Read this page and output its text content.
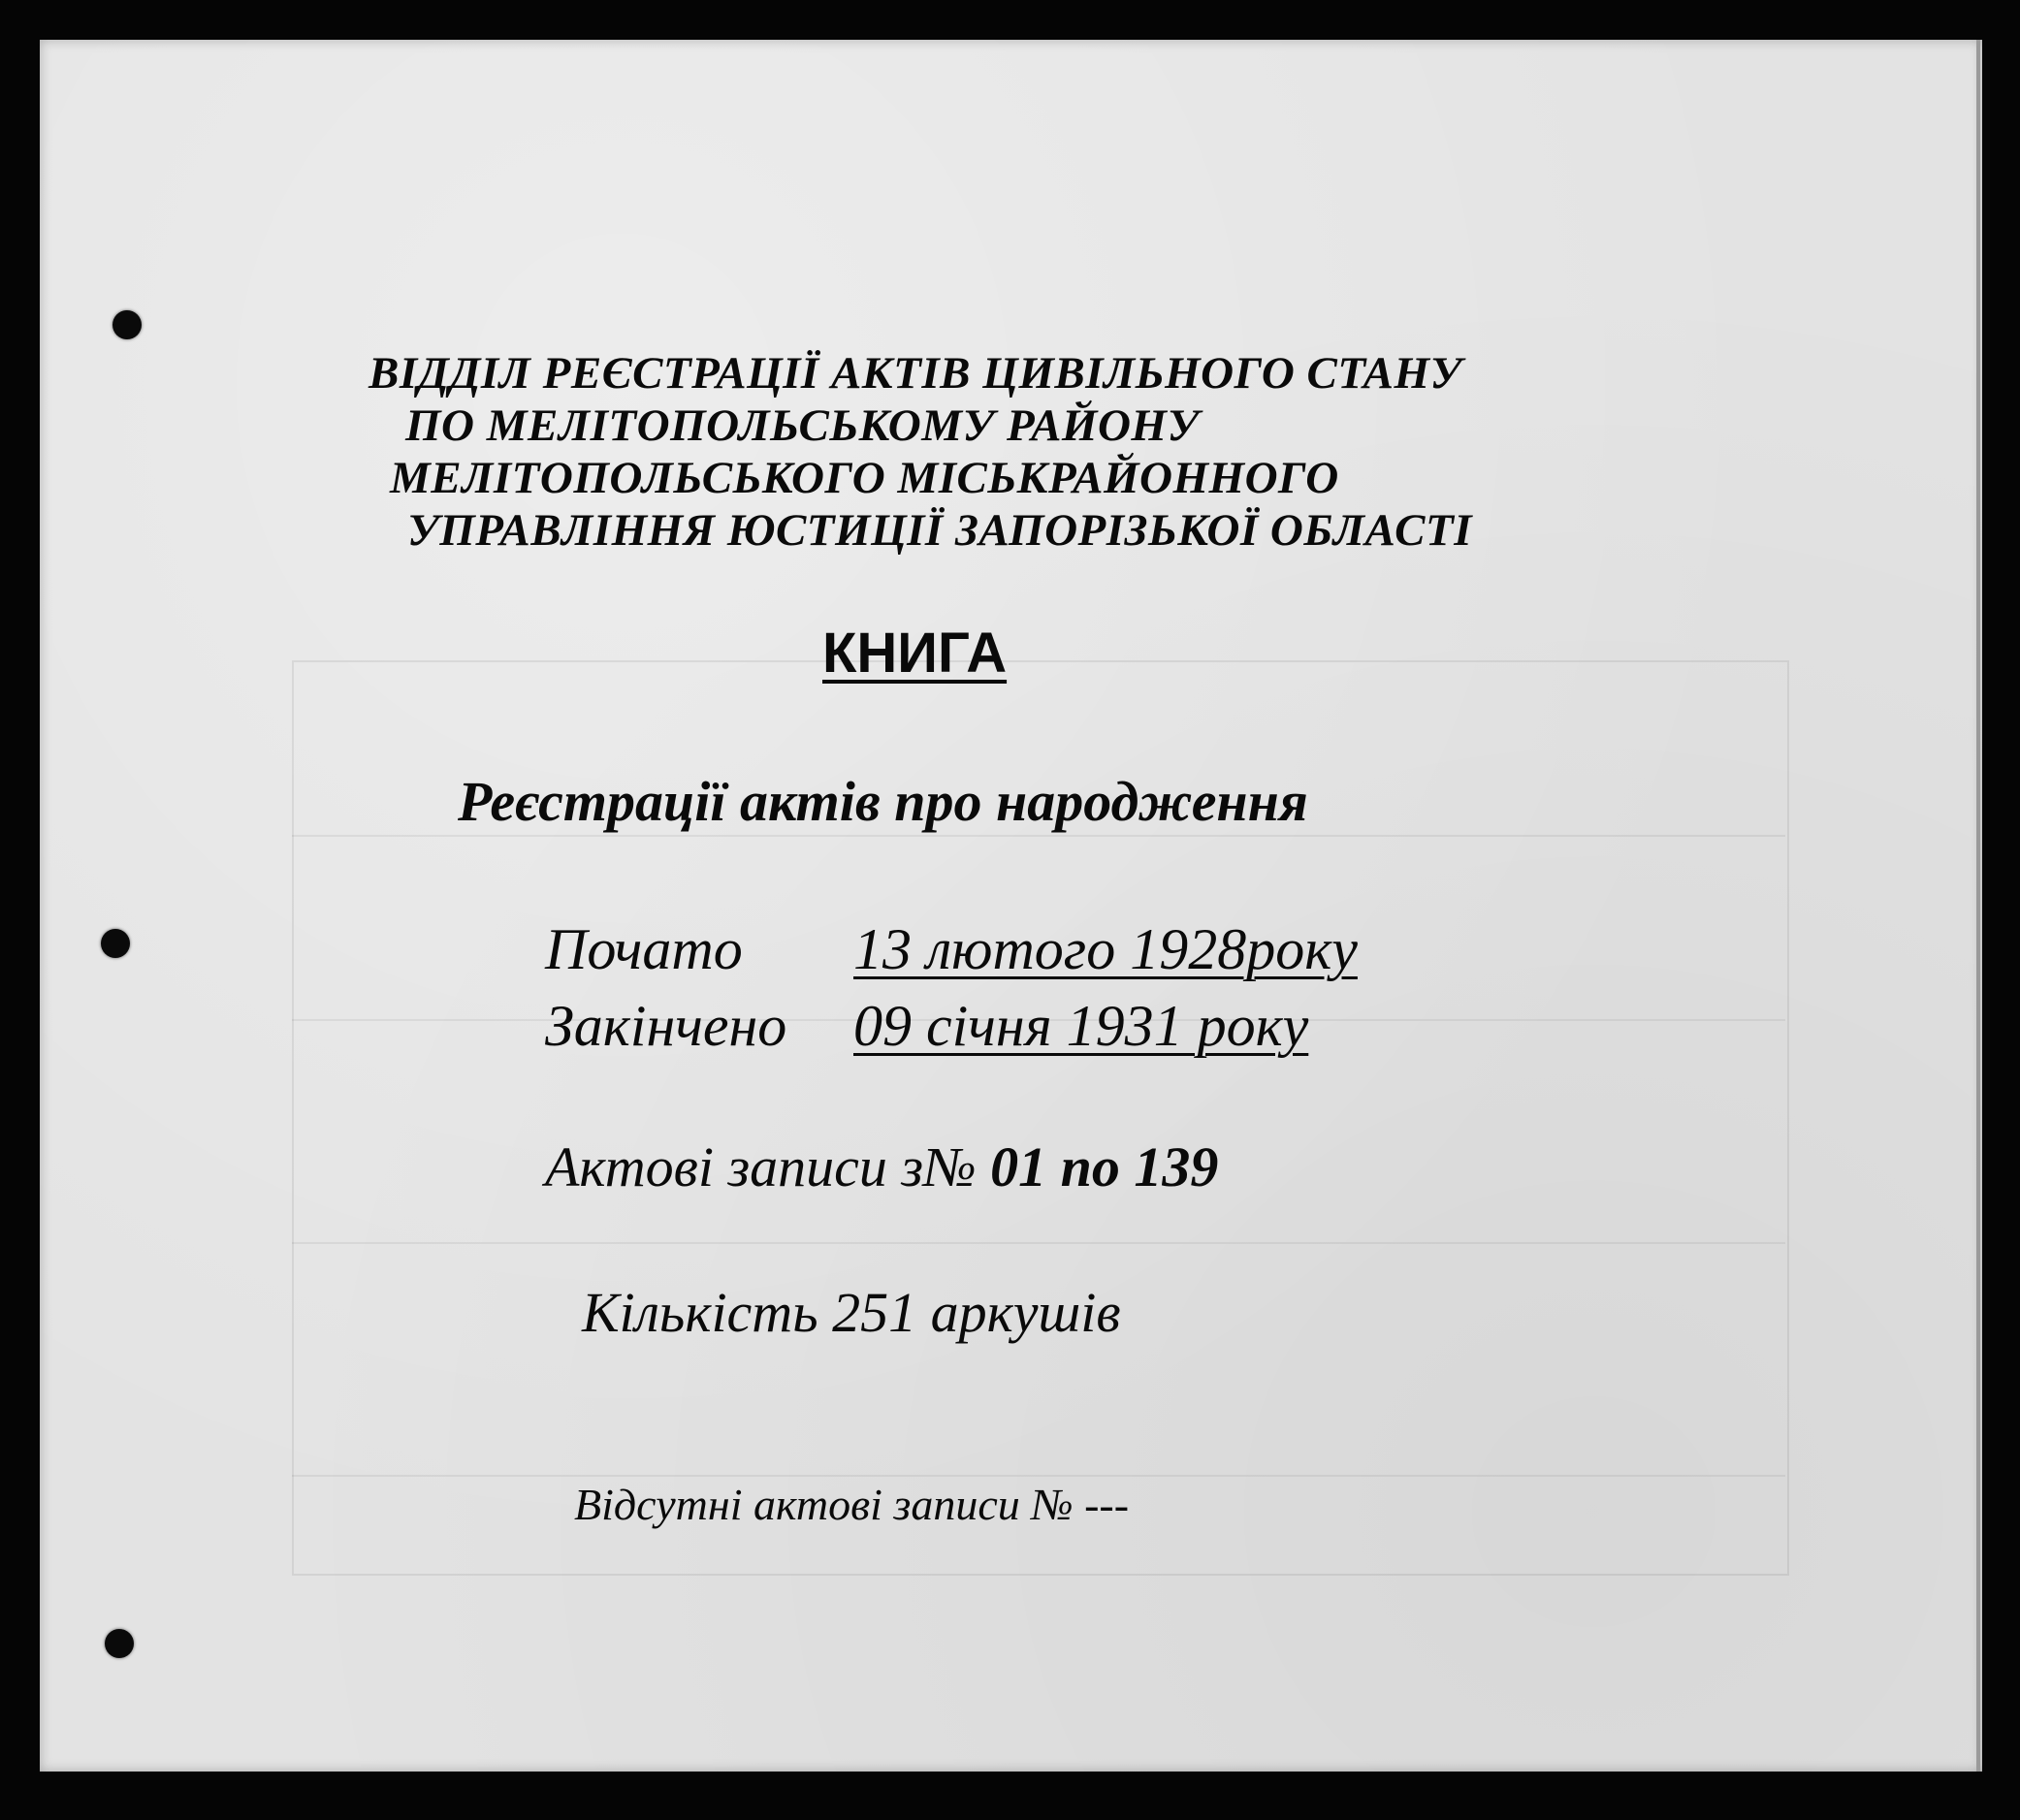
ВІДДІЛ РЕЄСТРАЦІЇ АКТІВ ЦИВІЛЬНОГО СТАНУ

ПО МЕЛІТОПОЛЬСЬКОМУ РАЙОНУ

МЕЛІТОПОЛЬСЬКОГО МІСЬКРАЙОННОГО

УПРАВЛІННЯ ЮСТИЦІЇ ЗАПОРІЗЬКОЇ ОБЛАСТІ

КНИГА

Реєстрації актів про народження

Почато 13 лютого 1928року

Закінчено 09 січня 1931 року

Актові записи з№ 01 по 139

Кількість 251 аркушів

Відсутні актові записи № ---
